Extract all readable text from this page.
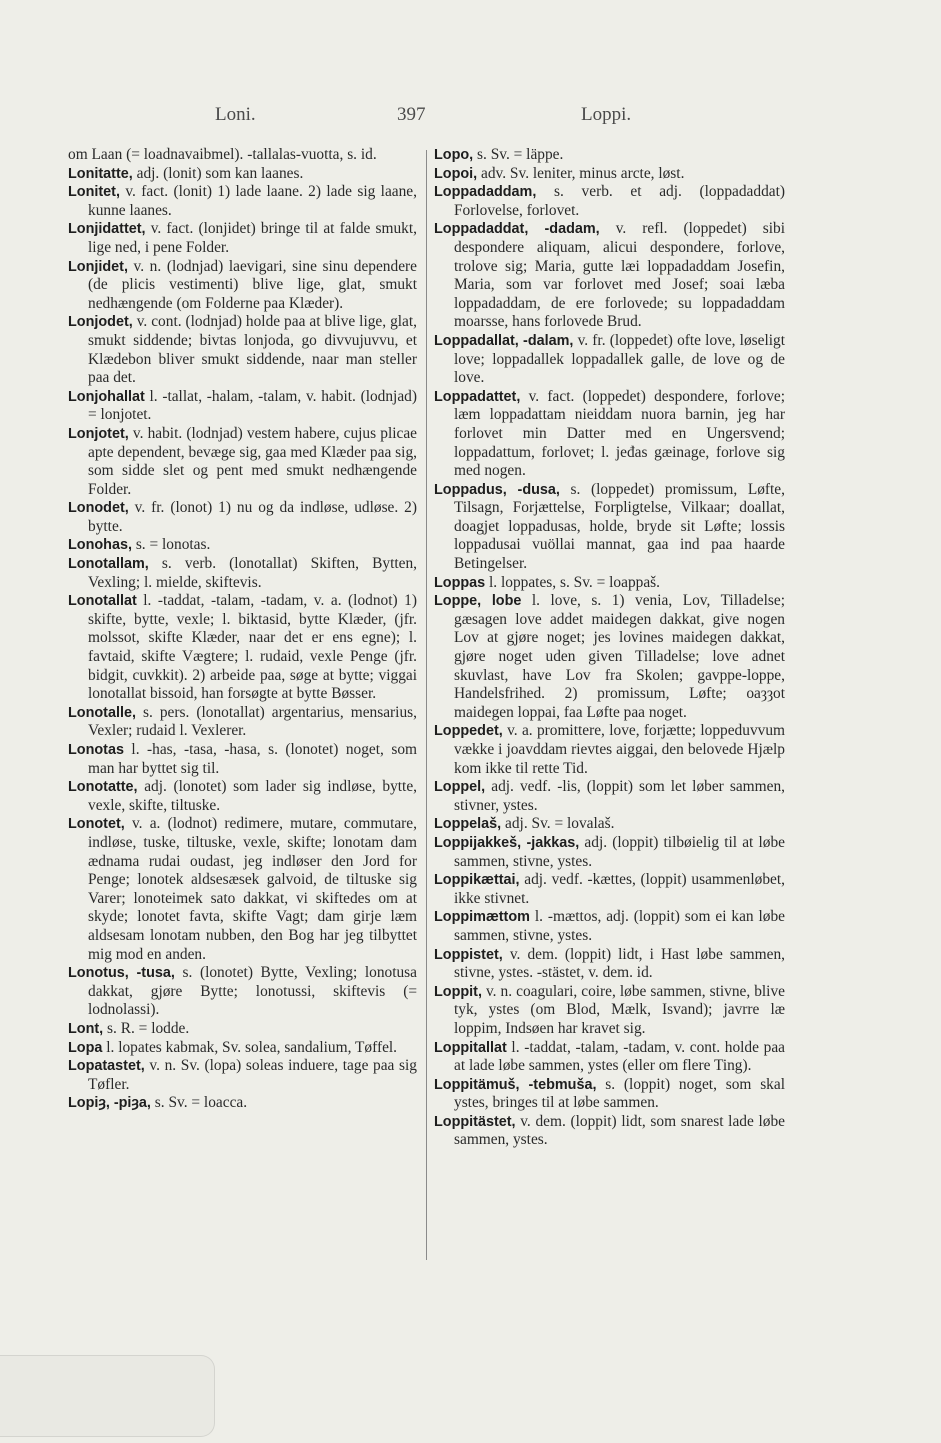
Loni.	397	Loppi.

om Laan (= loadnavaibmel). -tallalas-vuotta, s. id.

Lonitatte, adj. (lonit) som kan laanes.

Lonitet, v. fact. (lonit) 1) lade laane. 2) lade sig laane, kunne laanes.

Lonjidattet, v. fact. (lonjidet) bringe til at falde smukt, lige ned, i pene Folder.

Lonjidet, v. n. (lodnjad) laevigari, sine sinu dependere (de plicis vestimenti) blive lige, glat, smukt nedhængende (om Folderne paa Klæder).

Lonjodet, v. cont. (lodnjad) holde paa at blive lige, glat, smukt siddende; bivtas lonjoda, go divvujuvvu, et Klædebon bliver smukt siddende, naar man steller paa det.

Lonjohallat l. -tallat, -halam, -talam, v. habit. (lodnjad) = lonjotet.

Lonjotet, v. habit. (lodnjad) vestem habere, cujus plicae apte dependent, bevæge sig, gaa med Klæder paa sig, som sidde slet og pent med smukt nedhængende Folder.

Lonodet, v. fr. (lonot) 1) nu og da indløse, udløse. 2) bytte.

Lonohas, s. = lonotas.

Lonotallam, s. verb. (lonotallat) Skiften, Bytten, Vexling; l. mielde, skiftevis.

Lonotallat l. -taddat, -talam, -tadam, v. a. (lodnot) 1) skifte, bytte, vexle; l. biktasid, bytte Klæder, (jfr. molssot, skifte Klæder, naar det er ens egne); l. favtaid, skifte Vægtere; l. rudaid, vexle Penge (jfr. bidgit, cuvkkit). 2) arbeide paa, søge at bytte; viggai lonotallat bissoid, han forsøgte at bytte Bøsser.

Lonotalle, s. pers. (lonotallat) argentarius, mensarius, Vexler; rudaid l. Vexlerer.

Lonotas l. -has, -tasa, -hasa, s. (lonotet) noget, som man har byttet sig til.

Lonotatte, adj. (lonotet) som lader sig indløse, bytte, vexle, skifte, tiltuske.

Lonotet, v. a. (lodnot) redimere, mutare, commutare, indløse, tuske, tiltuske, vexle, skifte; lonotam dam ædnama rudai oudast, jeg indløser den Jord for Penge; lonotek aldsesæsek galvoid, de tiltuske sig Varer; lonoteimek sato dakkat, vi skiftedes om at skyde; lonotet favta, skifte Vagt; dam girje læm aldsesam lonotam nubben, den Bog har jeg tilbyttet mig mod en anden.

Lonotus, -tusa, s. (lonotet) Bytte, Vexling; lonotusa dakkat, gjøre Bytte; lonotussi, skiftevis (= lodnolassi).

Lont, s. R. = lodde.

Lopa l. lopates kabmak, Sv. solea, sandalium, Tøffel.

Lopatastet, v. n. Sv. (lopa) soleas induere, tage paa sig Tøfler.

Lopiȝ, -piȝa, s. Sv. = loacca.

Lopo, s. Sv. = läppe.

Lopoi, adv. Sv. leniter, minus arcte, løst.

Loppadaddam, s. verb. et adj. (loppadaddat) Forlovelse, forlovet.

Loppadaddat, -dadam, v. refl. (loppedet) sibi despondere aliquam, alicui despondere, forlove, trolove sig; Maria, gutte læi loppadaddam Josefin, Maria, som var forlovet med Josef; soai læba loppadaddam, de ere forlovede; su loppadaddam moarsse, hans forlovede Brud.

Loppadallat, -dalam, v. fr. (loppedet) ofte love, løseligt love; loppadallek loppadallek galle, de love og de love.

Loppadattet, v. fact. (loppedet) despondere, forlove; læm loppadattam nieiddam nuora barnin, jeg har forlovet min Datter med en Ungersvend; loppadattum, forlovet; l. jeđas gæinage, forlove sig med nogen.

Loppadus, -dusa, s. (loppedet) promissum, Løfte, Tilsagn, Forjættelse, Forpligtelse, Vilkaar; doallat, doagjet loppadusas, holde, bryde sit Løfte; lossis loppadusai vuöllai mannat, gaa ind paa haarde Betingelser.

Loppas l. loppates, s. Sv. = loappaš.

Loppe, lobe l. love, s. 1) venia, Lov, Tilladelse; gæsagen love addet maidegen dakkat, give nogen Lov at gjøre noget; jes lovines maidegen dakkat, gjøre noget uden given Tilladelse; love adnet skuvlast, have Lov fra Skolen; gavppe-loppe, Handelsfrihed. 2) promissum, Løfte; oaȝȝot maidegen loppai, faa Løfte paa noget.

Loppedet, v. a. promittere, love, forjætte; loppeduvvum vække i joavddam rievtes aiggai, den belovede Hjælp kom ikke til rette Tid.

Loppel, adj. vedf. -lis, (loppit) som let løber sammen, stivner, ystes.

Loppelaš, adj. Sv. = lovalaš.

Loppijakkeš, -jakkas, adj. (loppit) tilbøielig til at løbe sammen, stivne, ystes.

Loppikættai, adj. vedf. -kættes, (loppit) usammenløbet, ikke stivnet.

Loppimættom l. -mættos, adj. (loppit) som ei kan løbe sammen, stivne, ystes.

Loppistet, v. dem. (loppit) lidt, i Hast løbe sammen, stivne, ystes. -stästet, v. dem. id.

Loppit, v. n. coagulari, coire, løbe sammen, stivne, blive tyk, ystes (om Blod, Mælk, Isvand); javrre læ loppim, Indsøen har kravet sig.

Loppitallat l. -taddat, -talam, -tadam, v. cont. holde paa at lade løbe sammen, ystes (eller om flere Ting).

Loppitämuš, -tebmuša, s. (loppit) noget, som skal ystes, bringes til at løbe sammen.

Loppitästet, v. dem. (loppit) lidt, som snarest lade løbe sammen, ystes.
